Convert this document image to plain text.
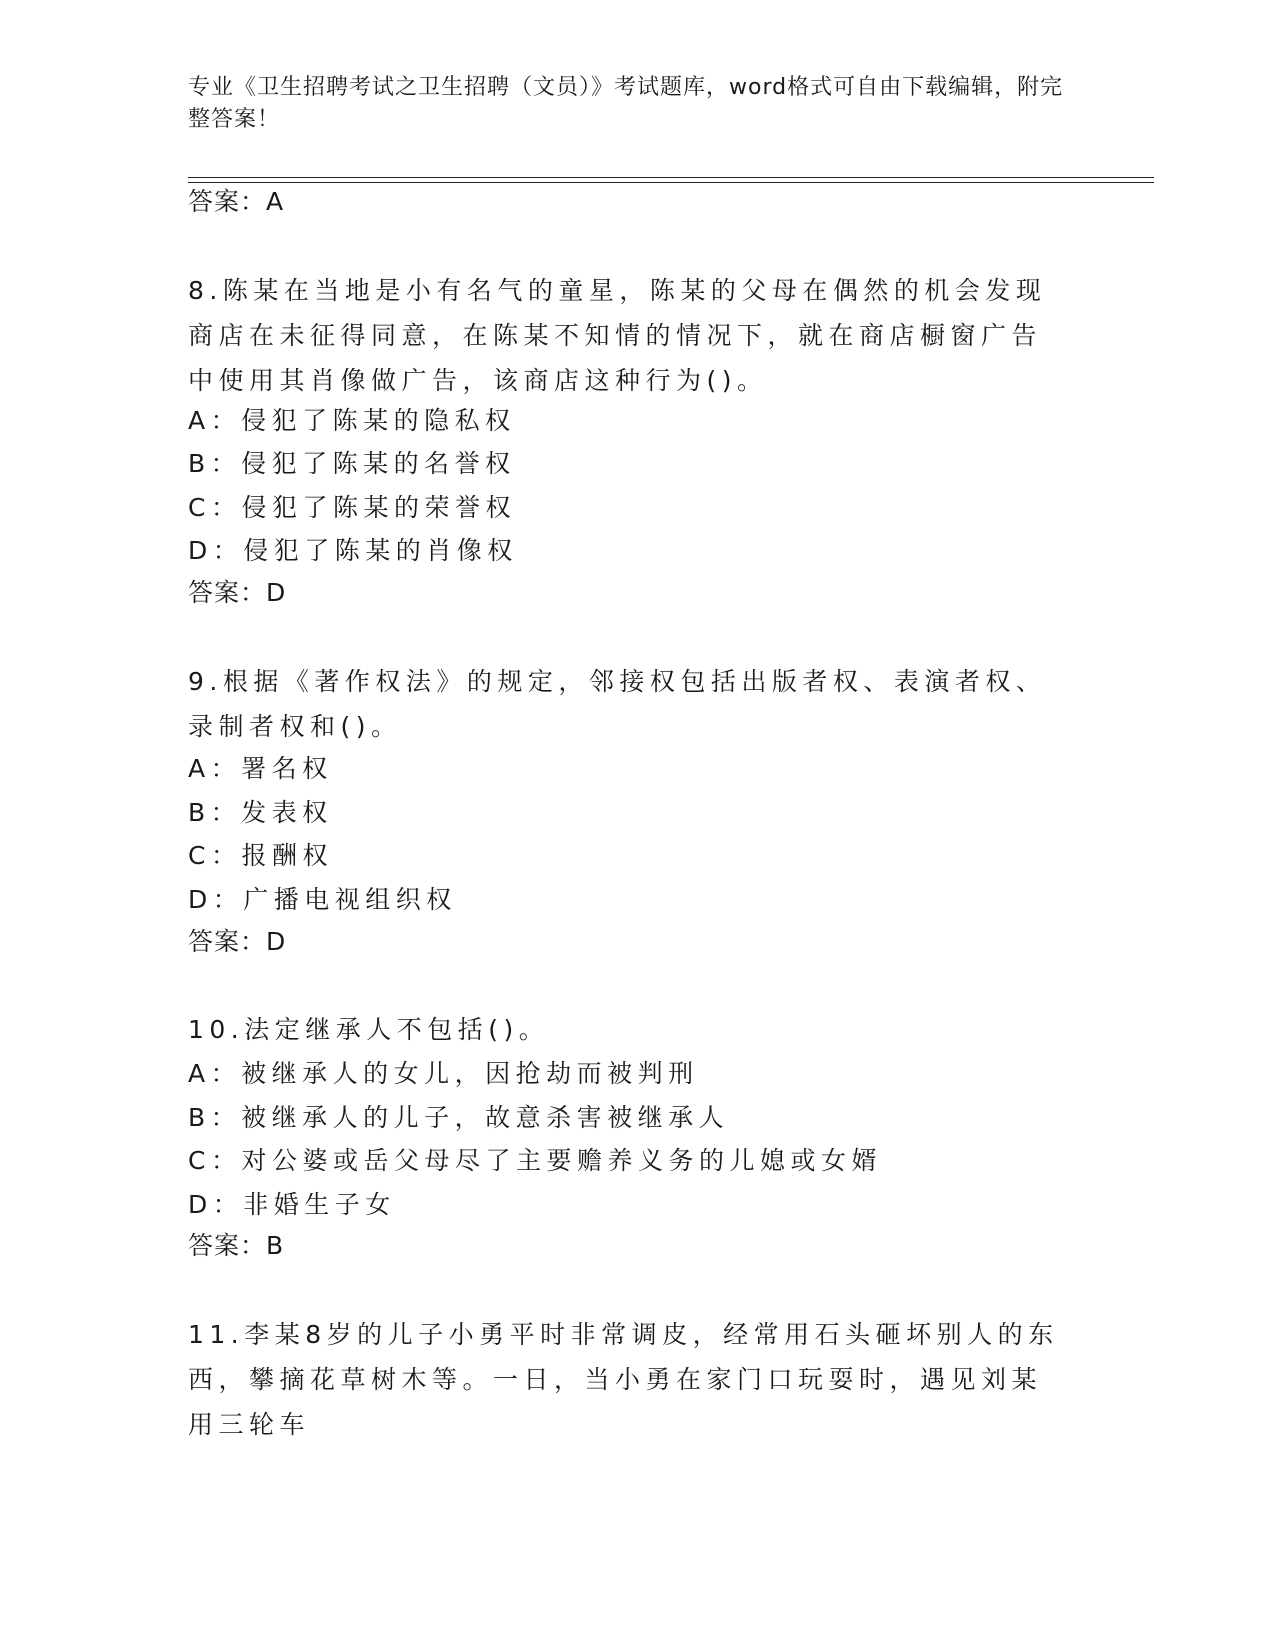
专业《卫生招聘考试之卫生招聘（文员）》考试题库，word格式可自由下载编辑，附完整答案！
答案：A
8.陈某在当地是小有名气的童星，陈某的父母在偶然的机会发现商店在未征得同意，在陈某不知情的情况下，就在商店橱窗广告中使用其肖像做广告，该商店这种行为()。
A：侵犯了陈某的隐私权
B：侵犯了陈某的名誉权
C：侵犯了陈某的荣誉权
D：侵犯了陈某的肖像权
答案：D
9.根据《著作权法》的规定，邻接权包括出版者权、表演者权、录制者权和()。
A：署名权
B：发表权
C：报酬权
D：广播电视组织权
答案：D
10.法定继承人不包括()。
A：被继承人的女儿，因抢劫而被判刑
B：被继承人的儿子，故意杀害被继承人
C：对公婆或岳父母尽了主要赡养义务的儿媳或女婿
D：非婚生子女
答案：B
11.李某8岁的儿子小勇平时非常调皮，经常用石头砸坏别人的东西，攀摘花草树木等。一日，当小勇在家门口玩耍时，遇见刘某用三轮车
